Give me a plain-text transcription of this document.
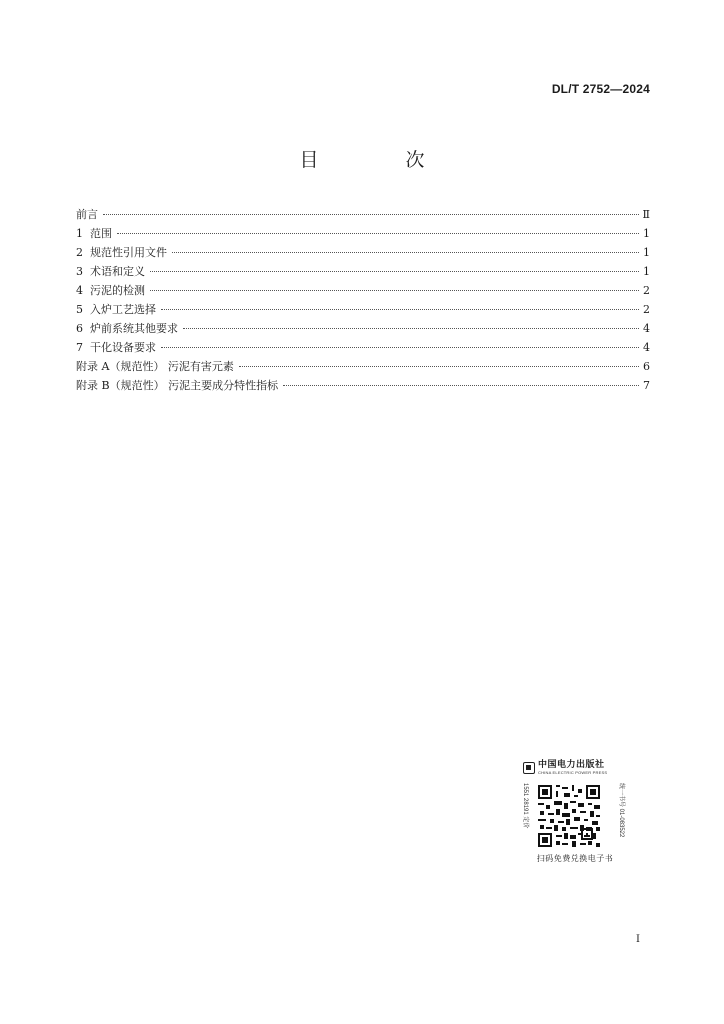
DL/T 2752—2024
目　次
前言	Ⅱ
1 范围	1
2 规范性引用文件	1
3 术语和定义	1
4 污泥的检测	2
5 入炉工艺选择	2
6 炉前系统其他要求	4
7 干化设备要求	4
附录 A（规范性） 污泥有害元素	6
附录 B（规范性） 污泥主要成分特性指标	7
中国电力出版社
CHINA ELECTRIC POWER PRESS
1551 28191 定价	统一书号 01-083522
扫码免费兑换电子书
I
